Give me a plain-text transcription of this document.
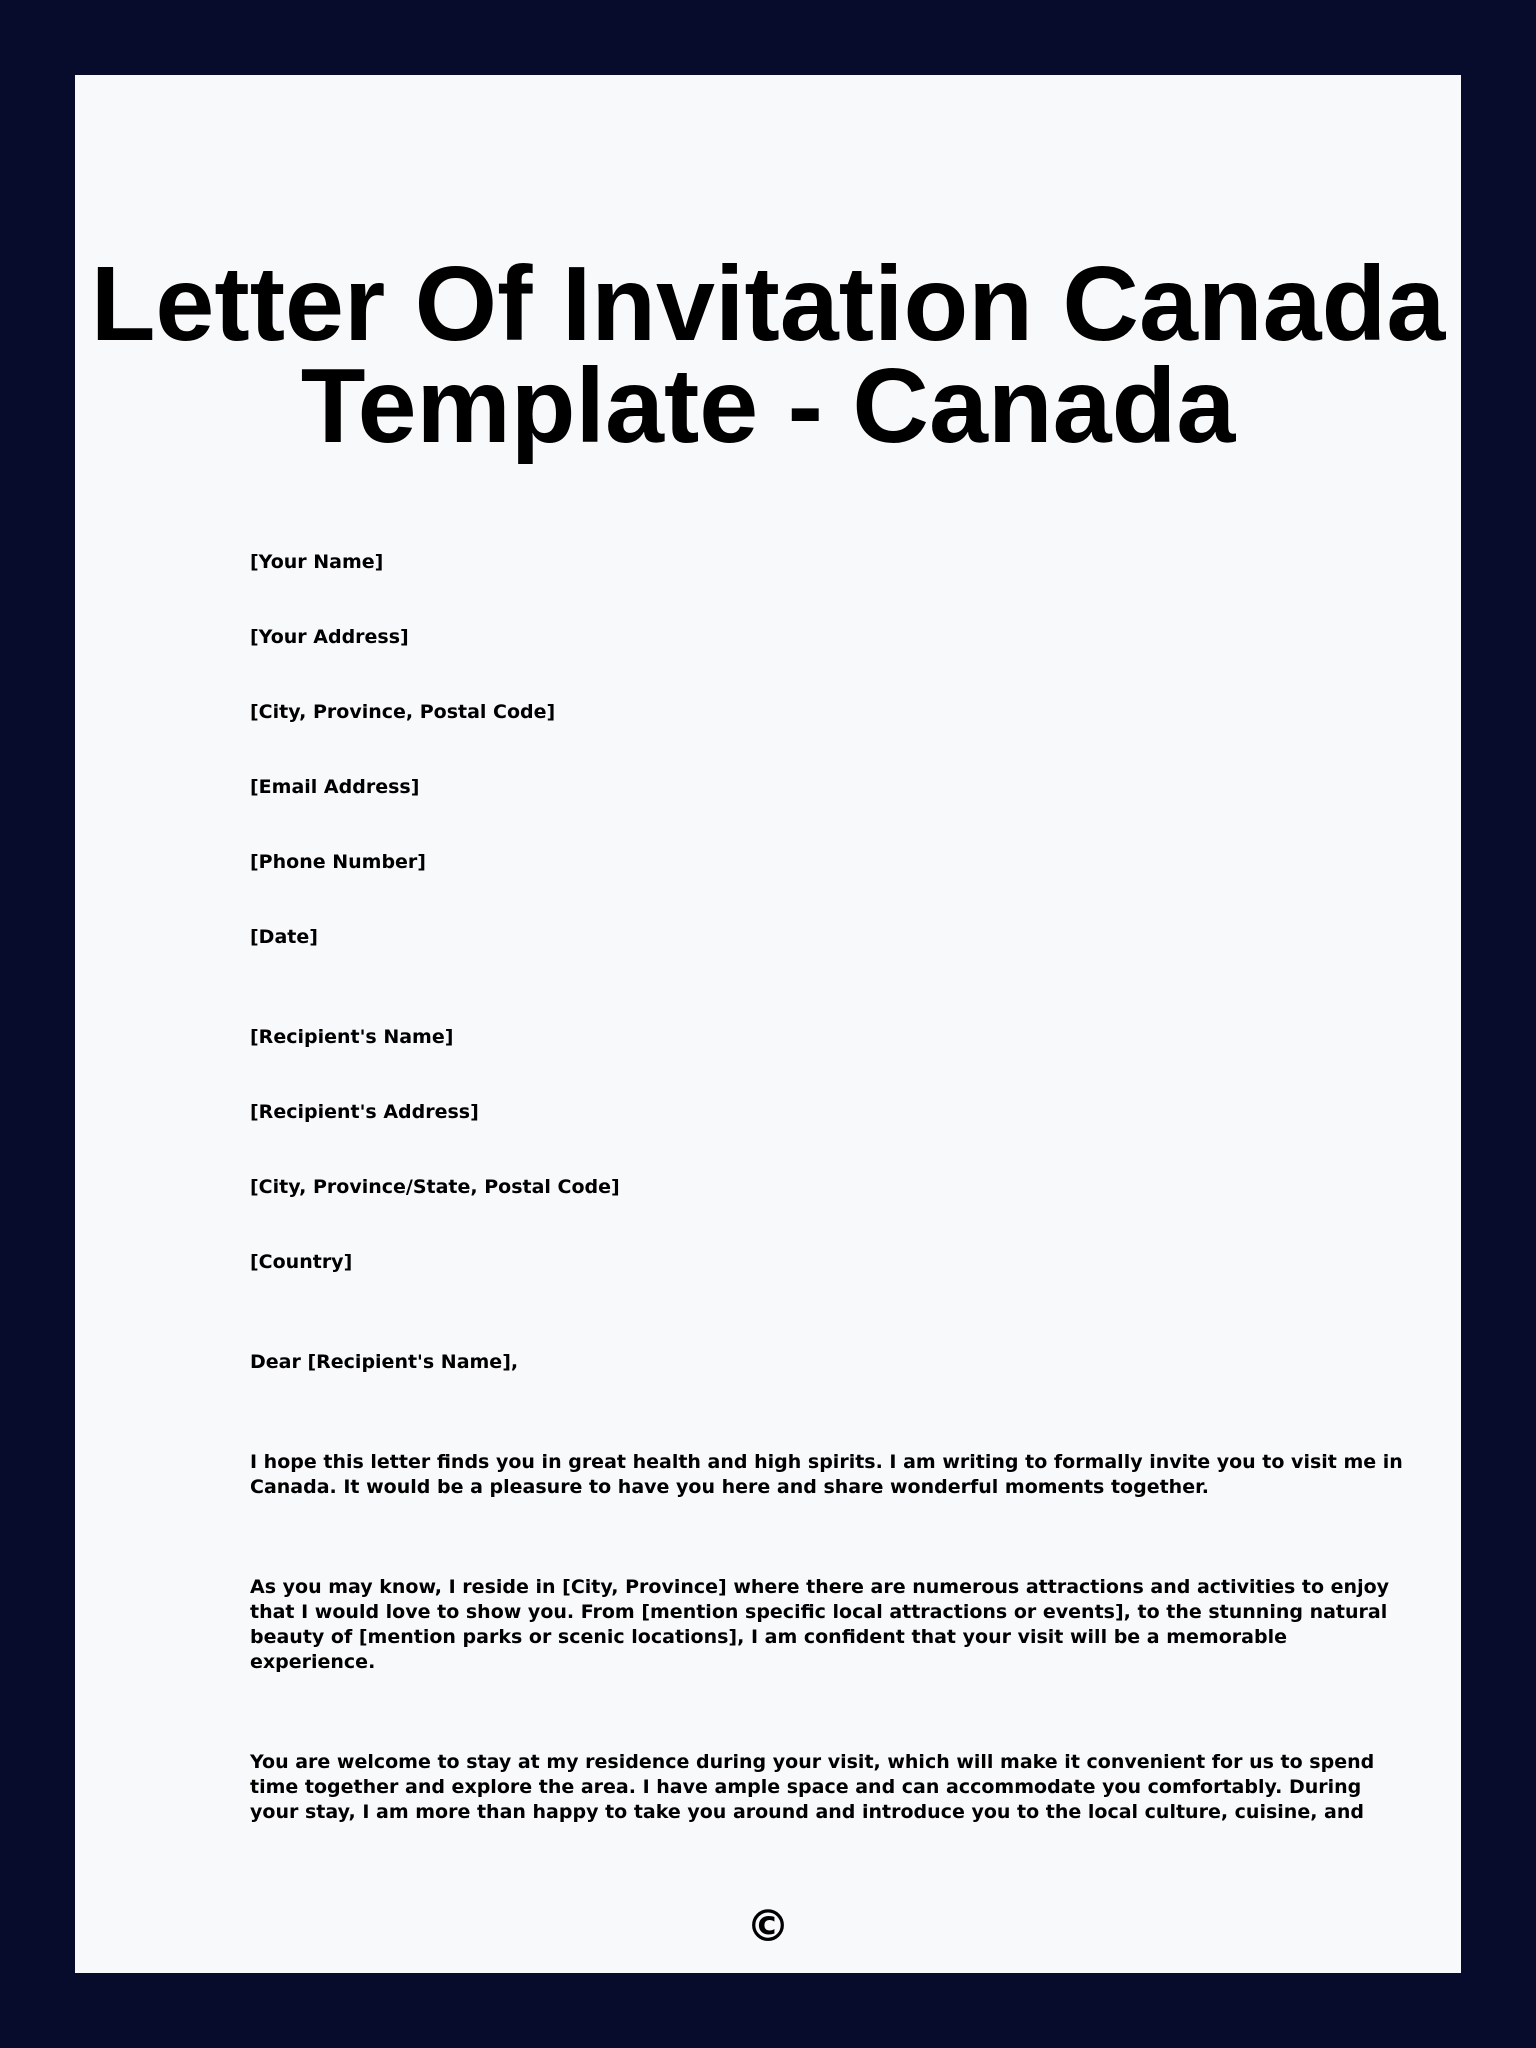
Letter Of Invitation Canada
Template - Canada

[Your Name]

[Your Address]

[City, Province, Postal Code]

[Email Address]

[Phone Number]

[Date]

[Recipient's Name]

[Recipient's Address]

[City, Province/State, Postal Code]

[Country]

Dear [Recipient's Name],

I hope this letter finds you in great health and high spirits. I am writing to formally invite you to visit me in
Canada. It would be a pleasure to have you here and share wonderful moments together.

As you may know, I reside in [City, Province] where there are numerous attractions and activities to enjoy
that I would love to show you. From [mention specific local attractions or events], to the stunning natural
beauty of [mention parks or scenic locations], I am confident that your visit will be a memorable
experience.

You are welcome to stay at my residence during your visit, which will make it convenient for us to spend
time together and explore the area. I have ample space and can accommodate you comfortably. During
your stay, I am more than happy to take you around and introduce you to the local culture, cuisine, and

©
